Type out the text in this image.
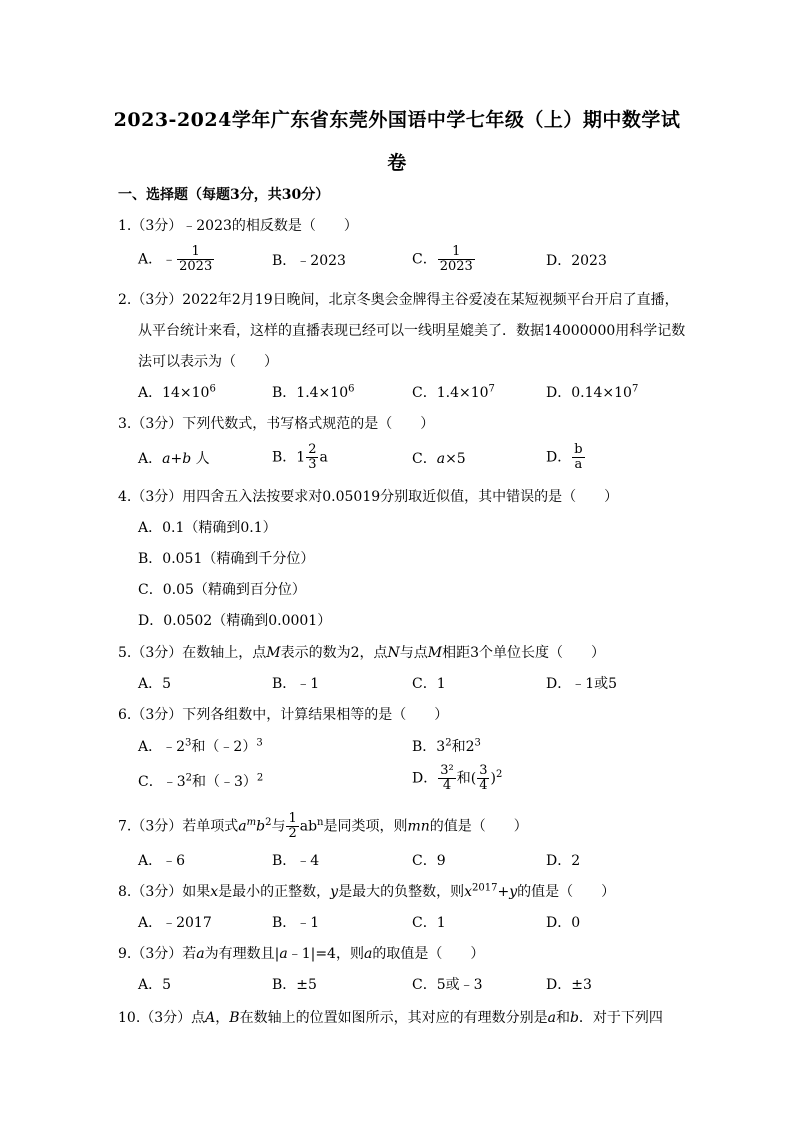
2023-2024学年广东省东莞外国语中学七年级（上）期中数学试
卷
一、选择题（每题3分，共30分）
1.（3分）﹣2023的相反数是（　　）
A．﹣ $\frac{1}{2023}$	B．﹣2023	C． $\frac{1}{2023}$	D．2023
2.（3分）2022年2月19日晚间，北京冬奥会金牌得主谷爱凌在某短视频平台开启了直播，
从平台统计来看，这样的直播表现已经可以一线明星媲美了．数据14000000用科学记数
法可以表示为（　　）
A．$14\times 10^6$	B．$1.4\times 10^6$	C．$1.4\times 10^7$	D．$0.14\times 10^7$
3.（3分）下列代数式，书写格式规范的是（　　）
A．a+b 人	B．$1 \frac{2}{3}$ a	C．a×5	D． $\frac{b}{a}$
4.（3分）用四舍五入法按要求对0.05019分别取近似值，其中错误的是（　　）
A．0.1（精确到0.1）
B．0.051（精确到千分位）
C．0.05（精确到百分位）
D．0.0502（精确到0.0001）
5.（3分）在数轴上，点M表示的数为2，点N与点M相距3个单位长度（　　）
A．5	B．﹣1	C．1	D．﹣1或5
6.（3分）下列各组数中，计算结果相等的是（　　）
A．$﹣2^3$和（﹣2）$^3$	B．$3^2$和$2^3$
C．$﹣3^2$和（﹣3）$^2$	D． $\frac{\text{3²}}{4}$ 和( $\frac{3}{4} )^2$
7.（3分）若单项式$a^mb^2$与 $\frac{1}{2} ab^n$是同类项，则mn的值是（　　）
A．﹣6	B．﹣4	C．9	D．2
8.（3分）如果x是最小的正整数，y是最大的负整数，则$x^{2017}+y$的值是（　　）
A．﹣2017	B．﹣1	C．1	D．0
9.（3分）若a为有理数且|a﹣1|=4，则a的取值是（　　）
A．5	B．±5	C．5或﹣3	D．±3
10.（3分）点A，B在数轴上的位置如图所示，其对应的有理数分别是a和b．对于下列四
